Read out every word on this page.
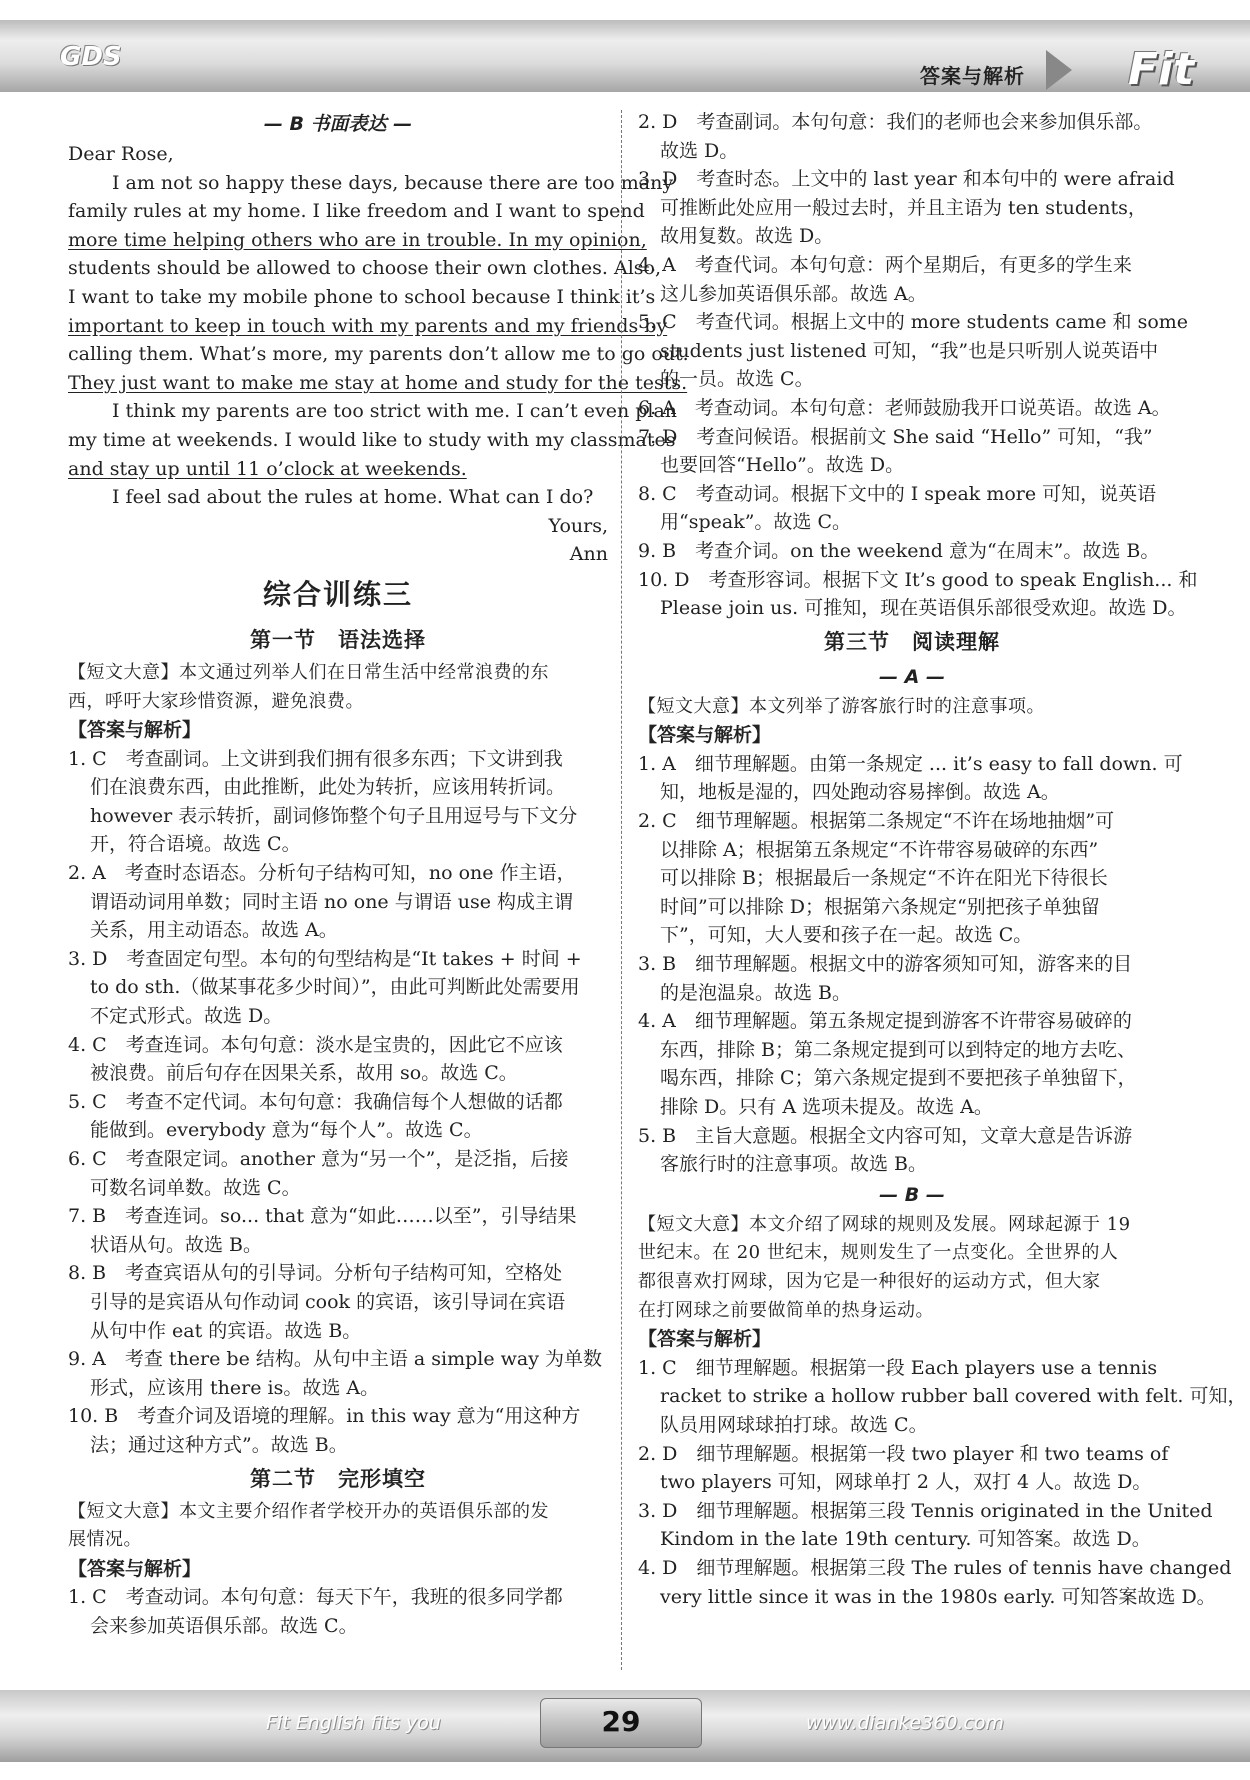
GDS
答案与解析 Fit
— B 书面表达 —
Dear Rose,
I am not so happy these days, because there are too many
family rules at my home. I like freedom and I want to spend
more time helping others who are in trouble. In my opinion,
students should be allowed to choose their own clothes. Also,
I want to take my mobile phone to school because I think it’s
important to keep in touch with my parents and my friends by
calling them. What’s more, my parents don’t allow me to go out.
They just want to make me stay at home and study for the tests.
I think my parents are too strict with me. I can’t even plan
my time at weekends. I would like to study with my classmates
and stay up until 11 o’clock at weekends.
I feel sad about the rules at home. What can I do?
Yours,
Ann
综合训练三
第一节　语法选择
【短文大意】本文通过列举人们在日常生活中经常浪费的东
西，呼吁大家珍惜资源，避免浪费。
【答案与解析】
1. C　考查副词。上文讲到我们拥有很多东西；下文讲到我
们在浪费东西，由此推断，此处为转折，应该用转折词。
however 表示转折，副词修饰整个句子且用逗号与下文分
开，符合语境。故选 C。
2. A　考查时态语态。分析句子结构可知，no one 作主语，
谓语动词用单数；同时主语 no one 与谓语 use 构成主谓
关系，用主动语态。故选 A。
3. D　考查固定句型。本句的句型结构是“It takes + 时间 +
to do sth.（做某事花多少时间）”，由此可判断此处需要用
不定式形式。故选 D。
4. C　考查连词。本句句意：淡水是宝贵的，因此它不应该
被浪费。前后句存在因果关系，故用 so。故选 C。
5. C　考查不定代词。本句句意：我确信每个人想做的话都
能做到。everybody 意为“每个人”。故选 C。
6. C　考查限定词。another 意为“另一个”，是泛指，后接
可数名词单数。故选 C。
7. B　考查连词。so... that 意为“如此……以至”，引导结果
状语从句。故选 B。
8. B　考查宾语从句的引导词。分析句子结构可知，空格处
引导的是宾语从句作动词 cook 的宾语，该引导词在宾语
从句中作 eat 的宾语。故选 B。
9. A　考查 there be 结构。从句中主语 a simple way 为单数
形式，应该用 there is。故选 A。
10. B　考查介词及语境的理解。in this way 意为“用这种方
法；通过这种方式”。故选 B。
第二节　完形填空
【短文大意】本文主要介绍作者学校开办的英语俱乐部的发
展情况。
【答案与解析】
1. C　考查动词。本句句意：每天下午，我班的很多同学都
会来参加英语俱乐部。故选 C。
2. D　考查副词。本句句意：我们的老师也会来参加俱乐部。
故选 D。
3. D　考查时态。上文中的 last year 和本句中的 were afraid
可推断此处应用一般过去时，并且主语为 ten students，
故用复数。故选 D。
4. A　考查代词。本句句意：两个星期后，有更多的学生来
这儿参加英语俱乐部。故选 A。
5. C　考查代词。根据上文中的 more students came 和 some
students just listened 可知，“我”也是只听别人说英语中
的一员。故选 C。
6. A　考查动词。本句句意：老师鼓励我开口说英语。故选 A。
7. D　考查问候语。根据前文 She said “Hello” 可知，“我”
也要回答“Hello”。故选 D。
8. C　考查动词。根据下文中的 I speak more 可知，说英语
用“speak”。故选 C。
9. B　考查介词。on the weekend 意为“在周末”。故选 B。
10. D　考查形容词。根据下文 It’s good to speak English... 和
Please join us. 可推知，现在英语俱乐部很受欢迎。故选 D。
第三节　阅读理解
— A —
【短文大意】本文列举了游客旅行时的注意事项。
【答案与解析】
1. A　细节理解题。由第一条规定 ... it’s easy to fall down. 可
知，地板是湿的，四处跑动容易摔倒。故选 A。
2. C　细节理解题。根据第二条规定“不许在场地抽烟”可
以排除 A；根据第五条规定“不许带容易破碎的东西”
可以排除 B；根据最后一条规定“不许在阳光下待很长
时间”可以排除 D；根据第六条规定“别把孩子单独留
下”，可知，大人要和孩子在一起。故选 C。
3. B　细节理解题。根据文中的游客须知可知，游客来的目
的是泡温泉。故选 B。
4. A　细节理解题。第五条规定提到游客不许带容易破碎的
东西，排除 B；第二条规定提到可以到特定的地方去吃、
喝东西，排除 C；第六条规定提到不要把孩子单独留下，
排除 D。只有 A 选项未提及。故选 A。
5. B　主旨大意题。根据全文内容可知，文章大意是告诉游
客旅行时的注意事项。故选 B。
— B —
【短文大意】本文介绍了网球的规则及发展。网球起源于 19
世纪末。在 20 世纪末，规则发生了一点变化。全世界的人
都很喜欢打网球，因为它是一种很好的运动方式，但大家
在打网球之前要做简单的热身运动。
【答案与解析】
1. C　细节理解题。根据第一段 Each players use a tennis
racket to strike a hollow rubber ball covered with felt. 可知，
队员用网球球拍打球。故选 C。
2. D　细节理解题。根据第一段 two player 和 two teams of
two players 可知，网球单打 2 人，双打 4 人。故选 D。
3. D　细节理解题。根据第三段 Tennis originated in the United
Kindom in the late 19th century. 可知答案。故选 D。
4. D　细节理解题。根据第三段 The rules of tennis have changed
very little since it was in the 1980s early. 可知答案故选 D。
Fit English fits you	29	www.dianke360.com
